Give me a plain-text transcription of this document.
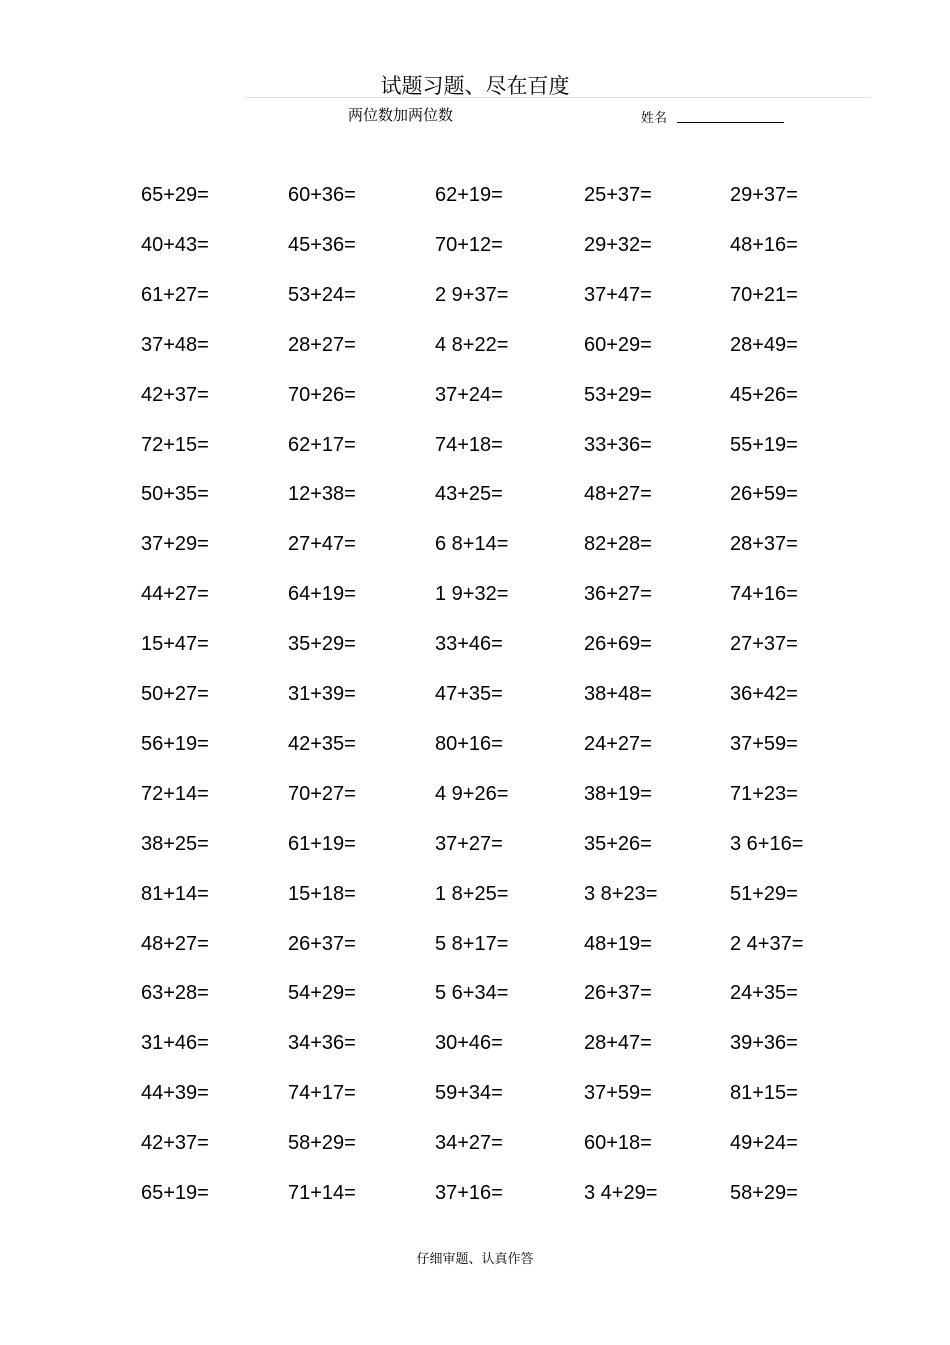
试题习题、尽在百度
两位数加两位数	姓名
65+29=	60+36=	62+19=	25+37=	29+37=
40+43=	45+36=	70+12=	29+32=	48+16=
61+27=	53+24=	2 9+37=	37+47=	70+21=
37+48=	28+27=	4 8+22=	60+29=	28+49=
42+37=	70+26=	37+24=	53+29=	45+26=
72+15=	62+17=	74+18=	33+36=	55+19=
50+35=	12+38=	43+25=	48+27=	26+59=
37+29=	27+47=	6 8+14=	82+28=	28+37=
44+27=	64+19=	1 9+32=	36+27=	74+16=
15+47=	35+29=	33+46=	26+69=	27+37=
50+27=	31+39=	47+35=	38+48=	36+42=
56+19=	42+35=	80+16=	24+27=	37+59=
72+14=	70+27=	4 9+26=	38+19=	71+23=
38+25=	61+19=	37+27=	35+26=	3 6+16=
81+14=	15+18=	1 8+25=	3 8+23=	51+29=
48+27=	26+37=	5 8+17=	48+19=	2 4+37=
63+28=	54+29=	5 6+34=	26+37=	24+35=
31+46=	34+36=	30+46=	28+47=	39+36=
44+39=	74+17=	59+34=	37+59=	81+15=
42+37=	58+29=	34+27=	60+18=	49+24=
65+19=	71+14=	37+16=	3 4+29=	58+29=
仔细审题、认真作答
